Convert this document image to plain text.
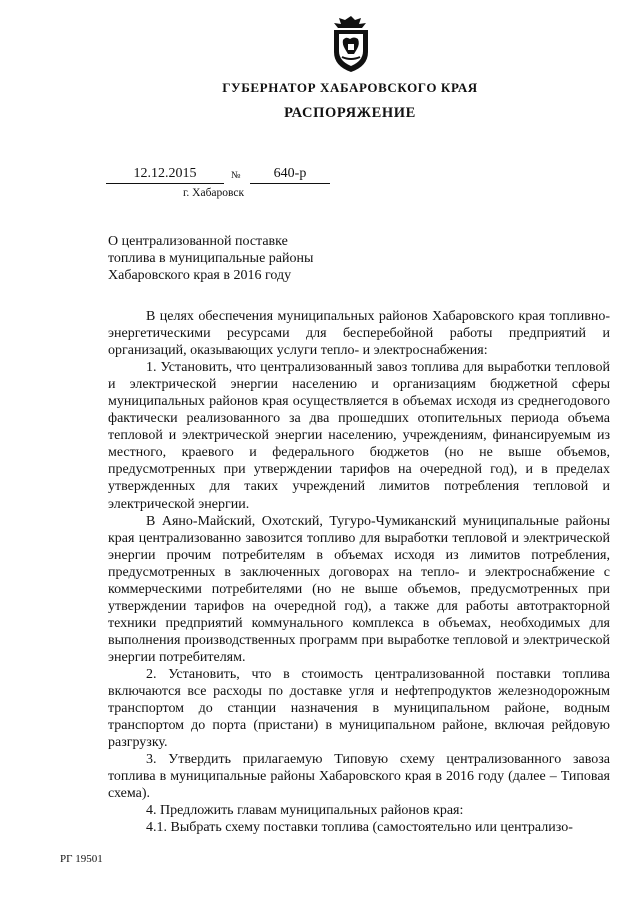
ГУБЕРНАТОР ХАБАРОВСКОГО КРАЯ
РАСПОРЯЖЕНИЕ
12.12.2015	№	640-р
г. Хабаровск
О централизованной поставке топлива в муниципальные районы Хабаровского края в 2016 году

В целях обеспечения муниципальных районов Хабаровского края топливно-энергетическими ресурсами для бесперебойной работы предприятий и организаций, оказывающих услуги тепло- и электроснабжения:

1. Установить, что централизованный завоз топлива для выработки тепловой и электрической энергии населению и организациям бюджетной сферы муниципальных районов края осуществляется в объемах исходя из среднегодового фактически реализованного за два прошедших отопительных периода объема тепловой и электрической энергии населению, учреждениям, финансируемым из местного, краевого и федерального бюджетов (но не выше объемов, предусмотренных при утверждении тарифов на очередной год), и в пределах утвержденных для таких учреждений лимитов потребления тепловой и электрической энергии.

В Аяно-Майский, Охотский, Тугуро-Чумиканский муниципальные районы края централизованно завозится топливо для выработки тепловой и электрической энергии прочим потребителям в объемах исходя из лимитов потребления, предусмотренных в заключенных договорах на тепло- и электроснабжение с коммерческими потребителями (но не выше объемов, предусмотренных при утверждении тарифов на очередной год), а также для работы автотракторной техники предприятий коммунального комплекса в объемах, необходимых для выполнения производственных программ при выработке тепловой и электрической энергии потребителям.

2. Установить, что в стоимость централизованной поставки топлива включаются все расходы по доставке угля и нефтепродуктов железнодорожным транспортом до станции назначения в муниципальном районе, водным транспортом до порта (пристани) в муниципальном районе, включая рейдовую разгрузку.

3. Утвердить прилагаемую Типовую схему централизованного завоза топлива в муниципальные районы Хабаровского края в 2016 году (далее – Типовая схема).

4. Предложить главам муниципальных районов края:

4.1. Выбрать схему поставки топлива (самостоятельно или централизо-

РГ 19501
